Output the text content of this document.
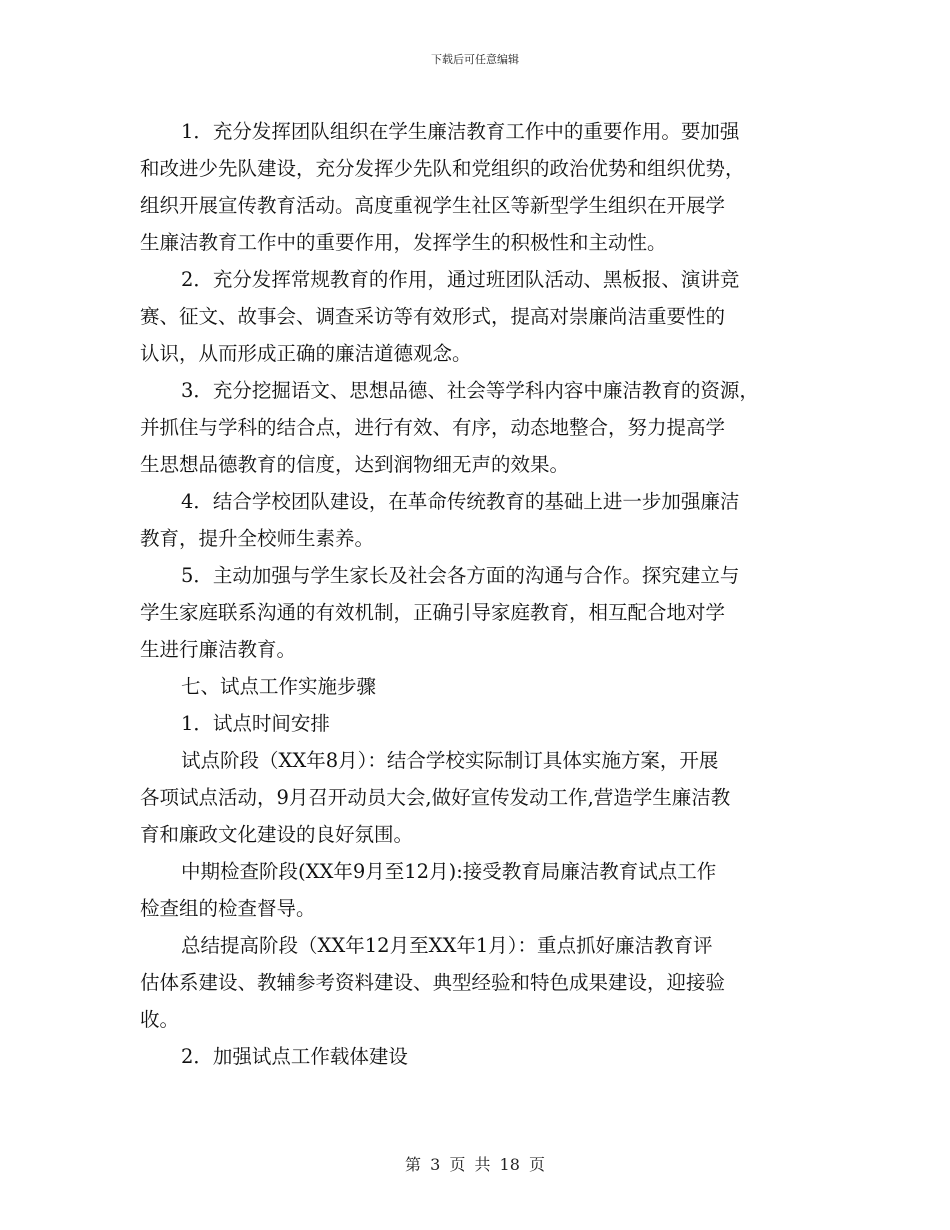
下载后可任意编辑
1．充分发挥团队组织在学生廉洁教育工作中的重要作用。要加强
和改进少先队建设，充分发挥少先队和党组织的政治优势和组织优势，
组织开展宣传教育活动。高度重视学生社区等新型学生组织在开展学
生廉洁教育工作中的重要作用，发挥学生的积极性和主动性。
2．充分发挥常规教育的作用，通过班团队活动、黑板报、演讲竞
赛、征文、故事会、调查采访等有效形式，提高对崇廉尚洁重要性的
认识，从而形成正确的廉洁道德观念。
3．充分挖掘语文、思想品德、社会等学科内容中廉洁教育的资源，
并抓住与学科的结合点，进行有效、有序，动态地整合，努力提高学
生思想品德教育的信度，达到润物细无声的效果。
4．结合学校团队建设，在革命传统教育的基础上进一步加强廉洁
教育，提升全校师生素养。
5．主动加强与学生家长及社会各方面的沟通与合作。探究建立与
学生家庭联系沟通的有效机制，正确引导家庭教育，相互配合地对学
生进行廉洁教育。
七、试点工作实施步骤
1．试点时间安排
试点阶段（XX年8月）：结合学校实际制订具体实施方案，开展
各项试点活动，9月召开动员大会,做好宣传发动工作,营造学生廉洁教
育和廉政文化建设的良好氛围。
中期检查阶段(XX年9月至12月):接受教育局廉洁教育试点工作
检查组的检查督导。
总结提高阶段（XX年12月至XX年1月）：重点抓好廉洁教育评
估体系建设、教辅参考资料建设、典型经验和特色成果建设，迎接验
收。
2．加强试点工作载体建设
第 3 页 共 18 页
